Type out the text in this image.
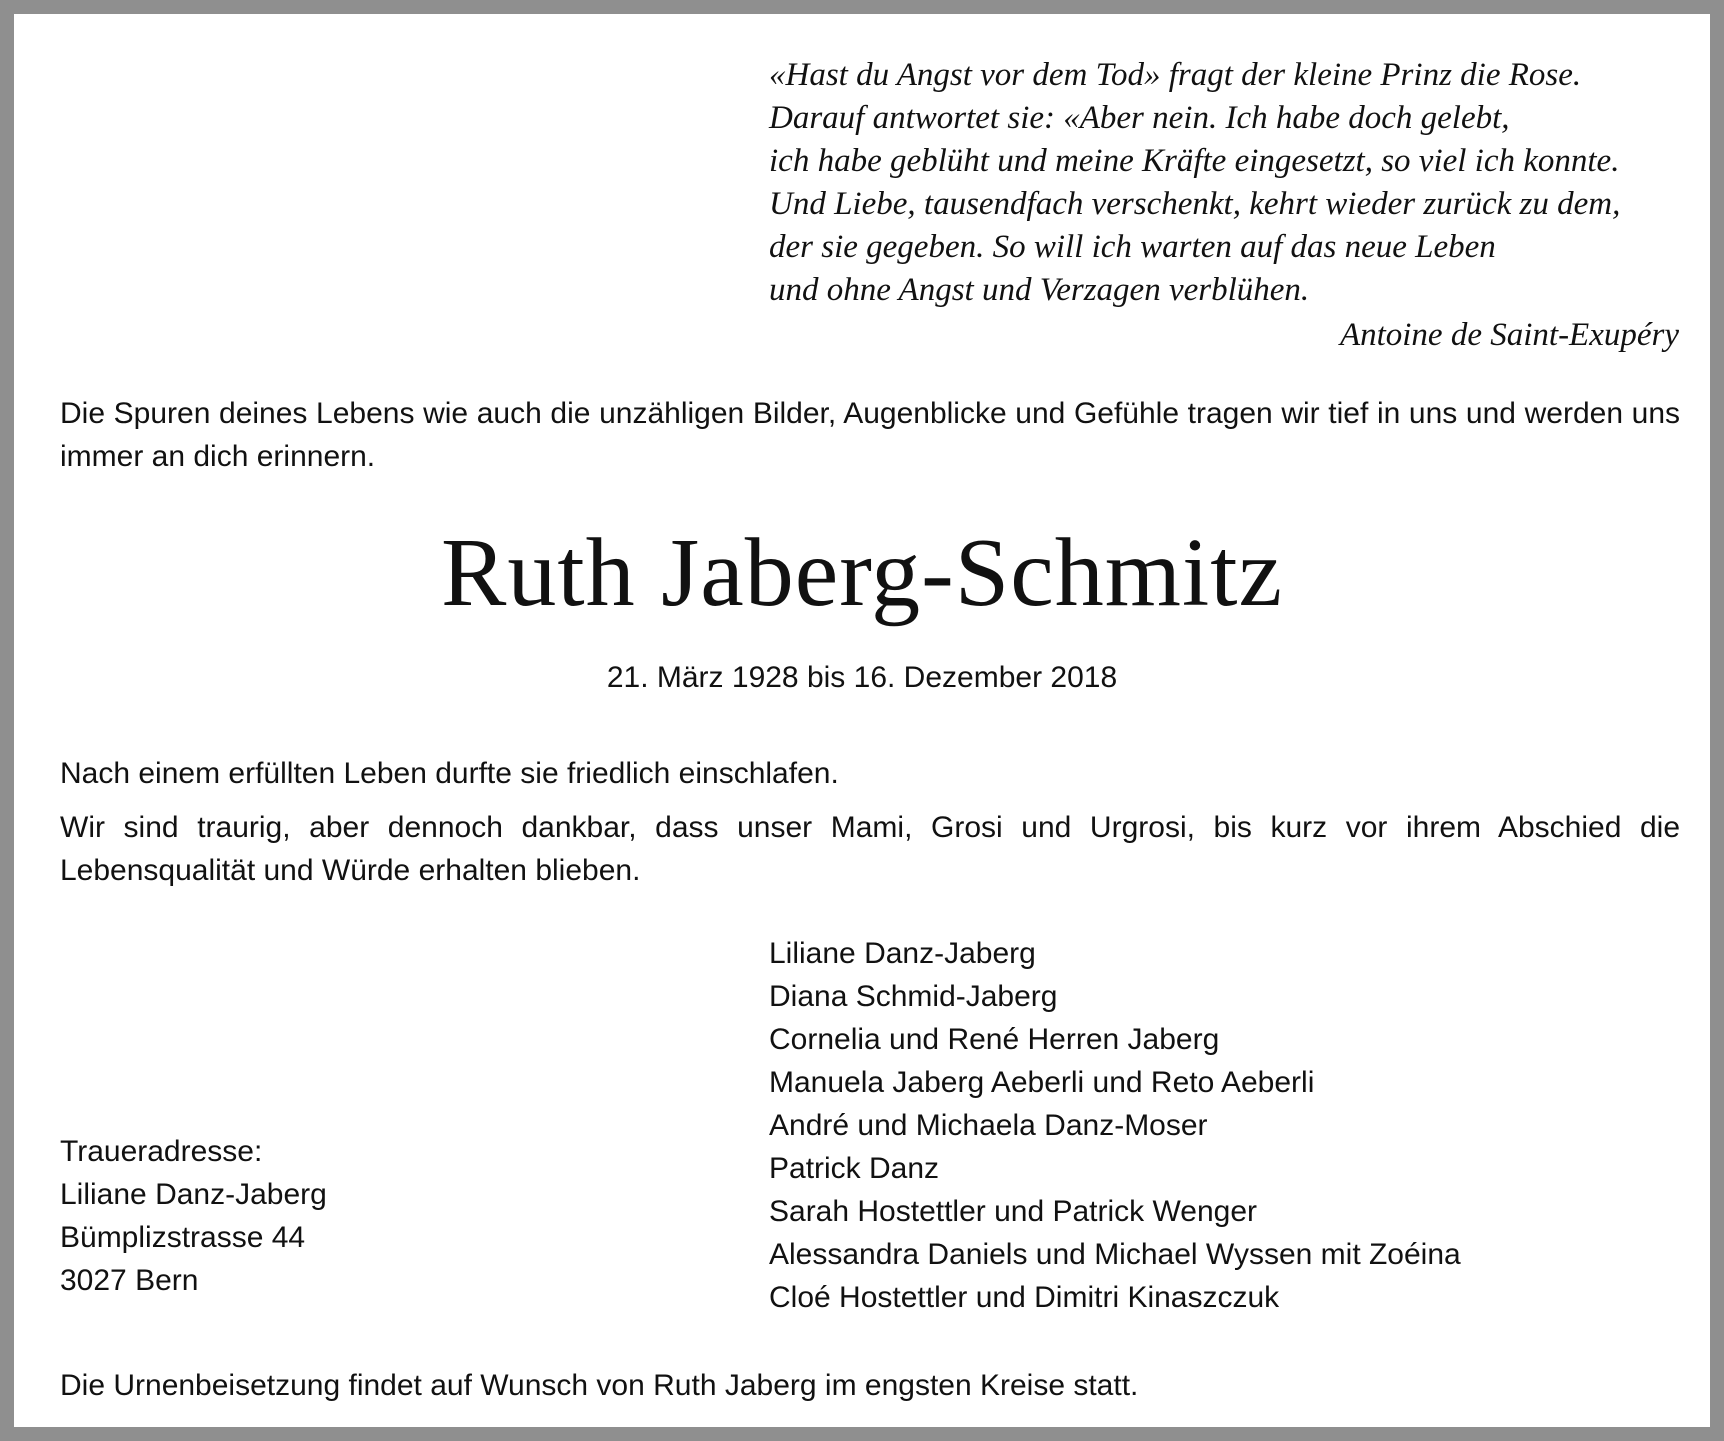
«Hast du Angst vor dem Tod» fragt der kleine Prinz die Rose.
Darauf antwortet sie: «Aber nein. Ich habe doch gelebt,
ich habe geblüht und meine Kräfte eingesetzt, so viel ich konnte.
Und Liebe, tausendfach verschenkt, kehrt wieder zurück zu dem,
der sie gegeben. So will ich warten auf das neue Leben
und ohne Angst und Verzagen verblühen.
Antoine de Saint-Exupéry
Die Spuren deines Lebens wie auch die unzähligen Bilder, Augenblicke und Gefühle tragen wir tief in uns und werden uns immer an dich erinnern.
Ruth Jaberg-Schmitz
21. März 1928 bis 16. Dezember 2018
Nach einem erfüllten Leben durfte sie friedlich einschlafen.
Wir sind traurig, aber dennoch dankbar, dass unser Mami, Grosi und Urgrosi, bis kurz vor ihrem Abschied die Lebensqualität und Würde erhalten blieben.
Traueradresse:
Liliane Danz-Jaberg
Bümplizstrasse 44
3027 Bern
Liliane Danz-Jaberg
Diana Schmid-Jaberg
Cornelia und René Herren Jaberg
Manuela Jaberg Aeberli und Reto Aeberli
André und Michaela Danz-Moser
Patrick Danz
Sarah Hostettler und Patrick Wenger
Alessandra Daniels und Michael Wyssen mit Zoéina
Cloé Hostettler und Dimitri Kinaszczuk
Die Urnenbeisetzung findet auf Wunsch von Ruth Jaberg im engsten Kreise statt.
